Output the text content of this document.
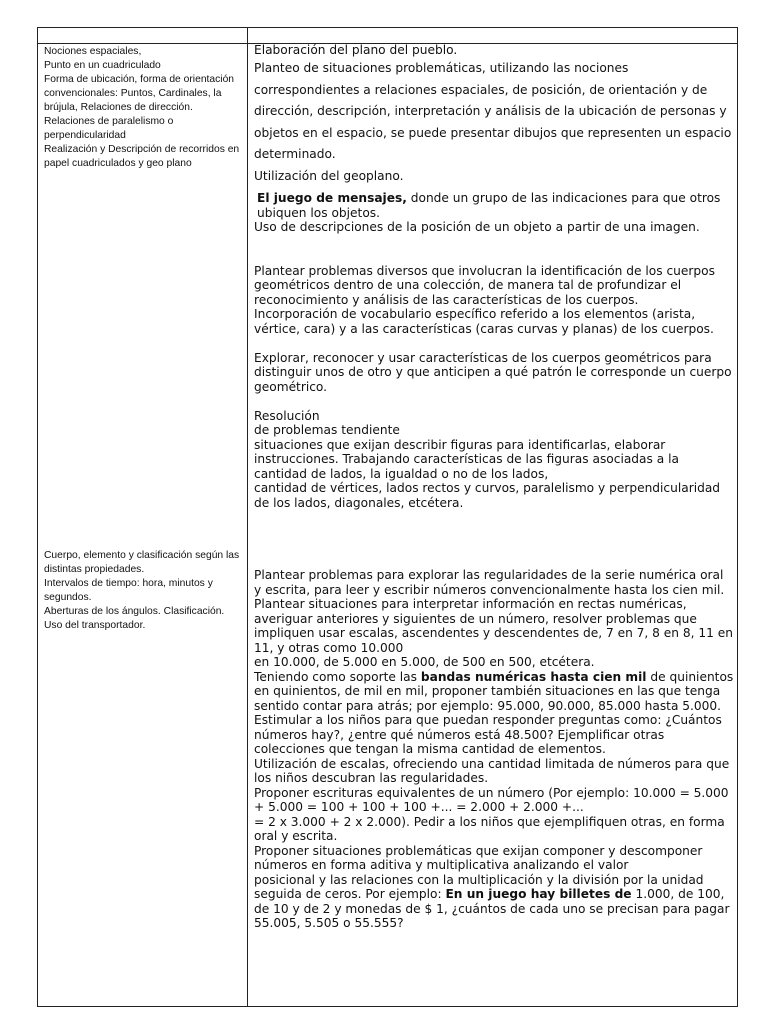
Nociones espaciales,
Punto en un cuadriculado
Forma de ubicación, forma de orientación convencionales: Puntos, Cardinales, la brújula, Relaciones de dirección.
Relaciones de paralelismo o perpendicularidad
Realización y Descripción de recorridos en papel cuadriculados y geo plano
Cuerpo, elemento y clasificación según las distintas propiedades.
Intervalos de tiempo: hora, minutos y segundos.
Aberturas de los ángulos. Clasificación.
Uso del transportador.

Elaboración del plano del pueblo.

Planteo de situaciones problemáticas, utilizando las nociones correspondientes a relaciones espaciales, de posición, de orientación y de dirección, descripción, interpretación y análisis de la ubicación de personas y objetos en el espacio, se puede presentar dibujos que representen un espacio determinado.

Utilización del geoplano.

El juego de mensajes, donde un grupo de las indicaciones para que otros ubiquen los objetos.

Uso de descripciones de la posición de un objeto a partir de una imagen.

Plantear problemas diversos que involucran la identificación de los cuerpos geométricos dentro de una colección, de manera tal de profundizar el reconocimiento y análisis de las características de los cuerpos.

Incorporación de vocabulario específico referido a los elementos (arista, vértice, cara) y a las características (caras curvas y planas) de los cuerpos.

Explorar, reconocer y usar características de los cuerpos geométricos para distinguir unos de otro y que anticipen a qué patrón le corresponde un cuerpo geométrico.

Resolución

de problemas tendiente

situaciones que exijan describir figuras para identificarlas, elaborar instrucciones. Trabajando características de las figuras asociadas a la cantidad de lados, la igualdad o no de los lados,

cantidad de vértices, lados rectos y curvos, paralelismo y perpendicularidad de los lados, diagonales, etcétera.

Plantear problemas para explorar las regularidades de la serie numérica oral y escrita, para leer y escribir números convencionalmente hasta los cien mil.

Plantear situaciones para interpretar información en rectas numéricas, averiguar anteriores y siguientes de un número, resolver problemas que impliquen usar escalas, ascendentes y descendentes de, 7 en 7, 8 en 8, 11 en 11, y otras como 10.000

en 10.000, de 5.000 en 5.000, de 500 en 500, etcétera.

Teniendo como soporte las bandas numéricas hasta cien mil de quinientos en quinientos, de mil en mil, proponer también situaciones en las que tenga sentido contar para atrás; por ejemplo: 95.000, 90.000, 85.000 hasta 5.000. Estimular a los niños para que puedan responder preguntas como: ¿Cuántos números hay?, ¿entre qué números está 48.500? Ejemplificar otras colecciones que tengan la misma cantidad de elementos.

Utilización de escalas, ofreciendo una cantidad limitada de números para que los niños descubran las regularidades.

Proponer escrituras equivalentes de un número (Por ejemplo: 10.000 = 5.000 + 5.000 = 100 + 100 + 100 +... = 2.000 + 2.000 +...

= 2 x 3.000 + 2 x 2.000). Pedir a los niños que ejemplifiquen otras, en forma oral y escrita.

Proponer situaciones problemáticas que exijan componer y descomponer números en forma aditiva y multiplicativa analizando el valor

posicional y las relaciones con la multiplicación y la división por la unidad seguida de ceros. Por ejemplo: En un juego hay billetes de 1.000, de 100, de 10 y de 2 y monedas de $ 1, ¿cuántos de cada uno se precisan para pagar 55.005, 5.505 o 55.555?
